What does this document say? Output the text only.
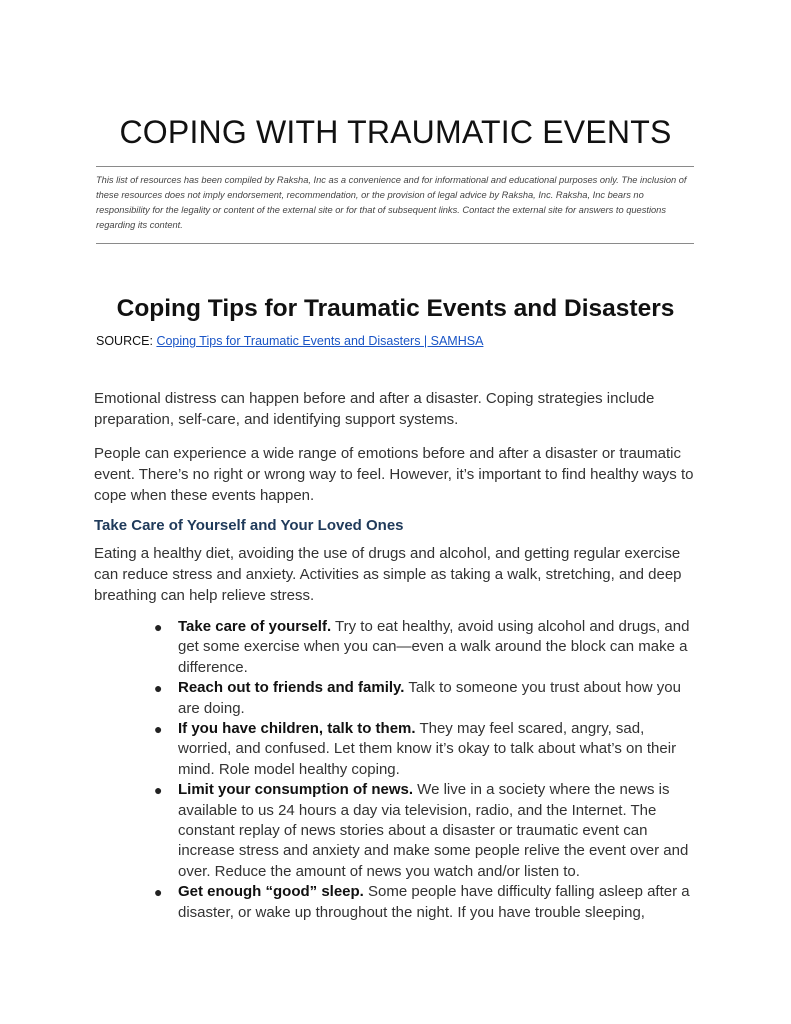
COPING WITH TRAUMATIC EVENTS

This list of resources has been compiled by Raksha, Inc as a convenience and for informational and educational purposes only. The inclusion of these resources does not imply endorsement, recommendation, or the provision of legal advice by Raksha, Inc. Raksha, Inc bears no responsibility for the legality or content of the external site or for that of subsequent links. Contact the external site for answers to questions regarding its content.

Coping Tips for Traumatic Events and Disasters

SOURCE: Coping Tips for Traumatic Events and Disasters | SAMHSA

Emotional distress can happen before and after a disaster. Coping strategies include preparation, self-care, and identifying support systems.

People can experience a wide range of emotions before and after a disaster or traumatic event. There’s no right or wrong way to feel. However, it’s important to find healthy ways to cope when these events happen.

Take Care of Yourself and Your Loved Ones

Eating a healthy diet, avoiding the use of drugs and alcohol, and getting regular exercise can reduce stress and anxiety. Activities as simple as taking a walk, stretching, and deep breathing can help relieve stress.

● Take care of yourself. Try to eat healthy, avoid using alcohol and drugs, and get some exercise when you can—even a walk around the block can make a difference.
● Reach out to friends and family. Talk to someone you trust about how you are doing.
● If you have children, talk to them. They may feel scared, angry, sad, worried, and confused. Let them know it’s okay to talk about what’s on their mind. Role model healthy coping.
● Limit your consumption of news. We live in a society where the news is available to us 24 hours a day via television, radio, and the Internet. The constant replay of news stories about a disaster or traumatic event can increase stress and anxiety and make some people relive the event over and over. Reduce the amount of news you watch and/or listen to.
● Get enough “good” sleep. Some people have difficulty falling asleep after a disaster, or wake up throughout the night. If you have trouble sleeping,
